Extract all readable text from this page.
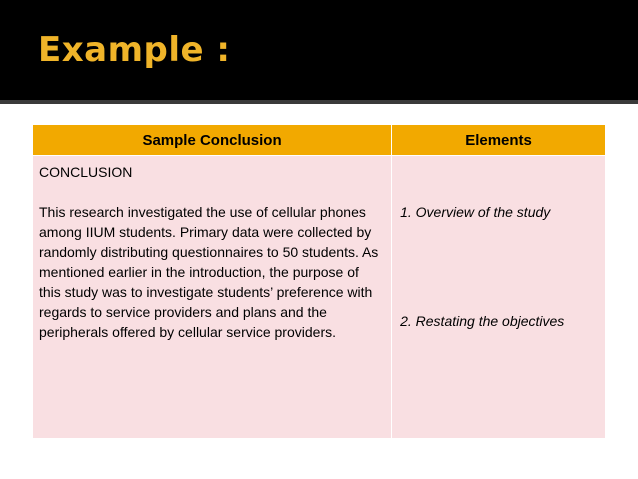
Example :
Sample Conclusion	Elements

CONCLUSION
This research investigated the use of cellular phones among IIUM students. Primary data were collected by randomly distributing questionnaires to 50 students. As mentioned earlier in the introduction, the purpose of this study was to investigate students’ preference with regards to service providers and plans and the peripherals offered by cellular service providers.	1. Overview of the study
2. Restating the objectives
